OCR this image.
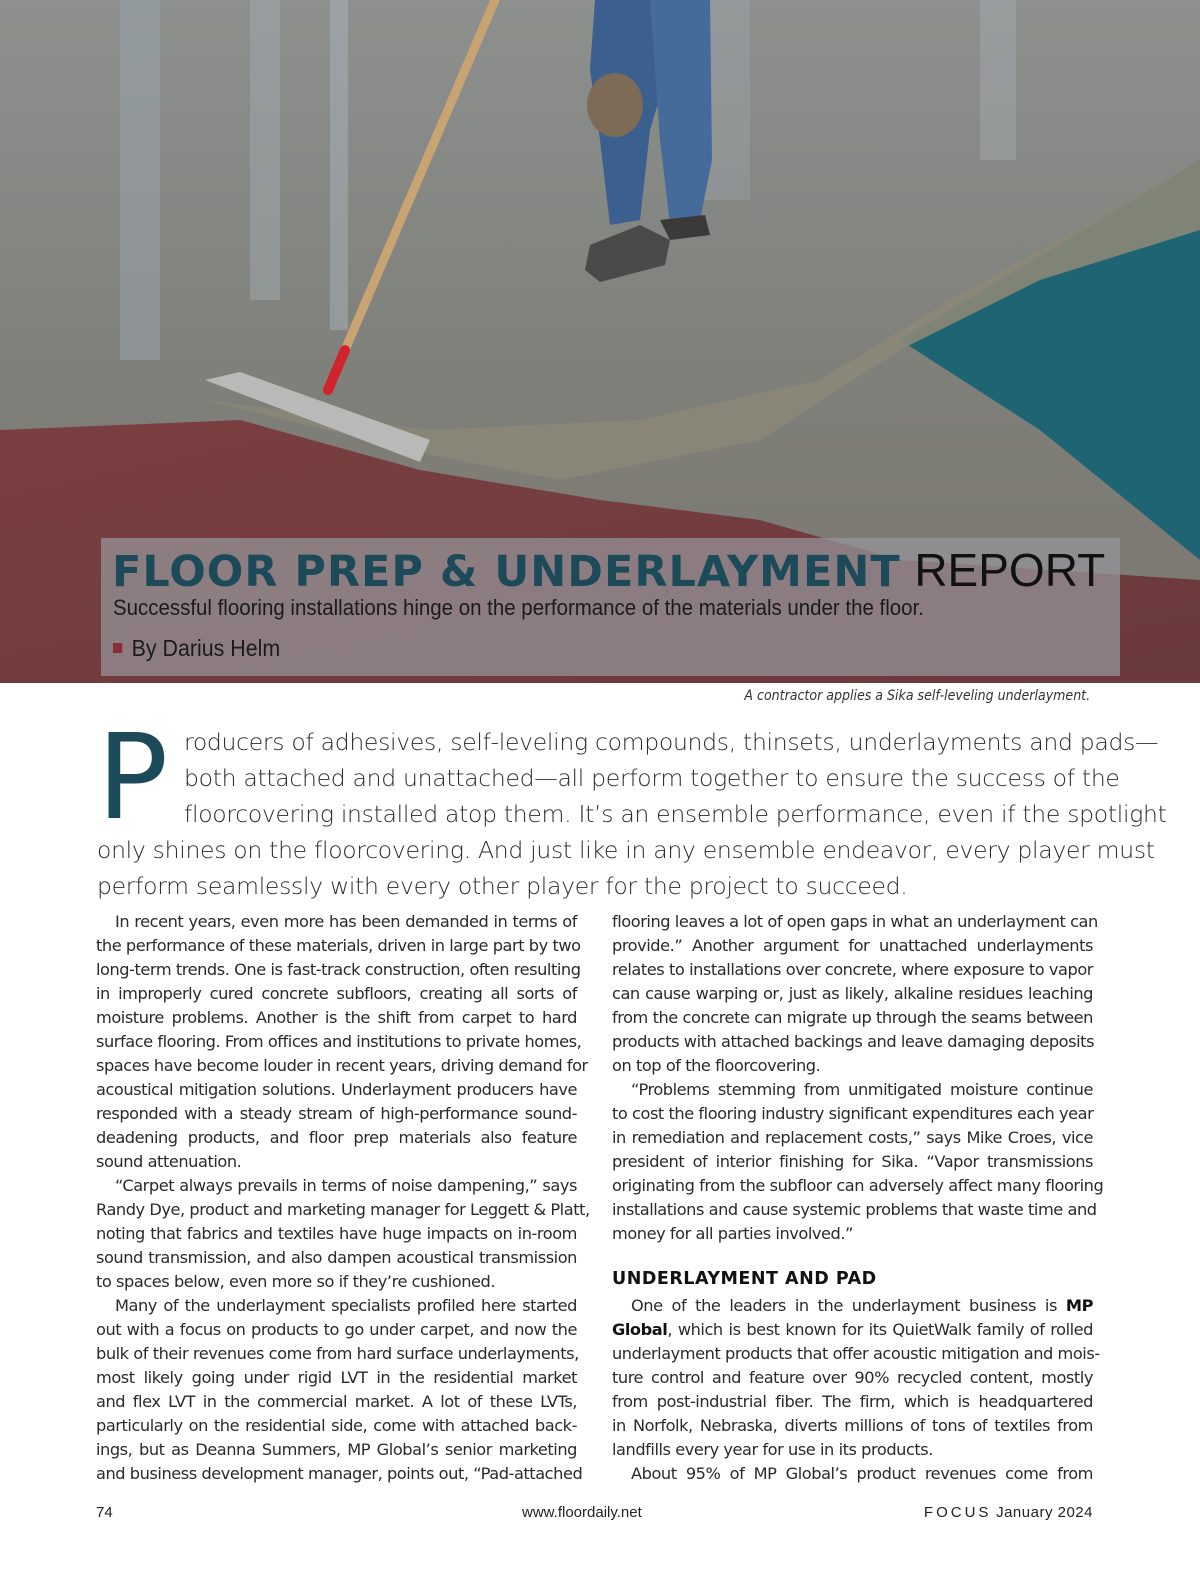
FLOOR PREP & UNDERLAYMENT REPORT
Successful flooring installations hinge on the performance of the materials under the floor.
By Darius Helm
A contractor applies a Sika self-leveling underlayment.
P roducers of adhesives, self-leveling compounds, thinsets, underlayments and pads—
both attached and unattached—all perform together to ensure the success of the
floorcovering installed atop them. It’s an ensemble performance, even if the spotlight
only shines on the floorcovering. And just like in any ensemble endeavor, every player must
perform seamlessly with every other player for the project to succeed.
In recent years, even more has been demanded in terms of
the performance of these materials, driven in large part by two
long-term trends. One is fast-track construction, often resulting
in improperly cured concrete subfloors, creating all sorts of
moisture problems. Another is the shift from carpet to hard
surface flooring. From offices and institutions to private homes,
spaces have become louder in recent years, driving demand for
acoustical mitigation solutions. Underlayment producers have
responded with a steady stream of high-performance sound-
deadening products, and floor prep materials also feature
sound attenuation.
“Carpet always prevails in terms of noise dampening,” says
Randy Dye, product and marketing manager for Leggett & Platt,
noting that fabrics and textiles have huge impacts on in-room
sound transmission, and also dampen acoustical transmission
to spaces below, even more so if they’re cushioned.
Many of the underlayment specialists profiled here started
out with a focus on products to go under carpet, and now the
bulk of their revenues come from hard surface underlayments,
most likely going under rigid LVT in the residential market
and flex LVT in the commercial market. A lot of these LVTs,
particularly on the residential side, come with attached back-
ings, but as Deanna Summers, MP Global’s senior marketing
and business development manager, points out, “Pad-attached
flooring leaves a lot of open gaps in what an underlayment can
provide.” Another argument for unattached underlayments
relates to installations over concrete, where exposure to vapor
can cause warping or, just as likely, alkaline residues leaching
from the concrete can migrate up through the seams between
products with attached backings and leave damaging deposits
on top of the floorcovering.
“Problems stemming from unmitigated moisture continue
to cost the flooring industry significant expenditures each year
in remediation and replacement costs,” says Mike Croes, vice
president of interior finishing for Sika. “Vapor transmissions
originating from the subfloor can adversely affect many flooring
installations and cause systemic problems that waste time and
money for all parties involved.”
UNDERLAYMENT AND PAD
One of the leaders in the underlayment business is MP
Global, which is best known for its QuietWalk family of rolled
underlayment products that offer acoustic mitigation and mois-
ture control and feature over 90% recycled content, mostly
from post-industrial fiber. The firm, which is headquartered
in Norfolk, Nebraska, diverts millions of tons of textiles from
landfills every year for use in its products.
About 95% of MP Global’s product revenues come from
74	www.floordaily.net	FOCUS January 2024
